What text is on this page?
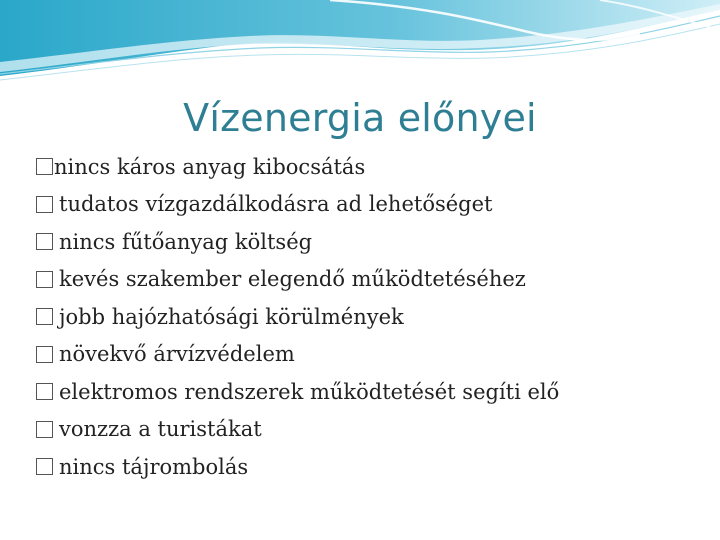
Vízenergia előnyei
nincs káros anyag kibocsátás
tudatos vízgazdálkodásra ad lehetőséget
nincs fűtőanyag költség
kevés szakember elegendő működtetéséhez
jobb hajózhatósági körülmények
növekvő árvízvédelem
elektromos rendszerek működtetését segíti elő
vonzza a turistákat
nincs tájrombolás
